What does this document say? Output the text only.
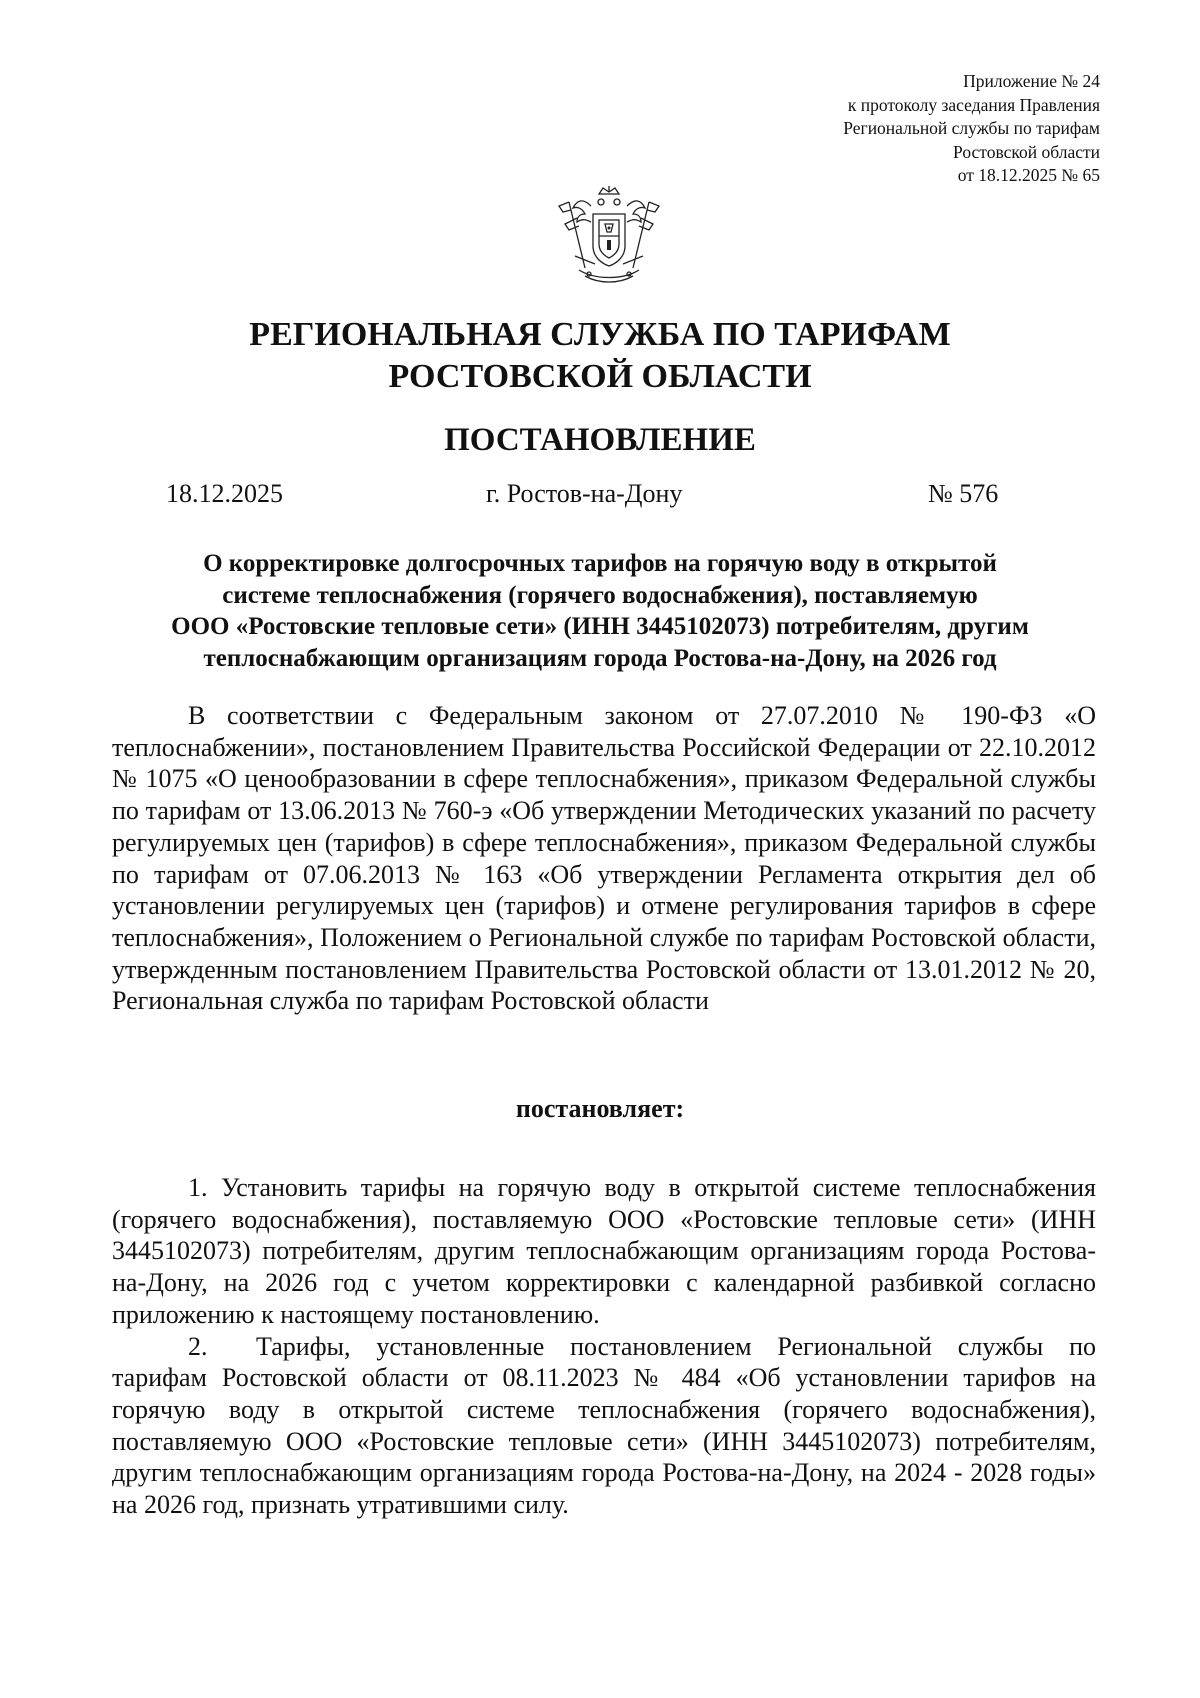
Приложение № 24
к протоколу заседания Правления
Региональной службы по тарифам
Ростовской области
от 18.12.2025 № 65
РЕГИОНАЛЬНАЯ СЛУЖБА ПО ТАРИФАМ
РОСТОВСКОЙ ОБЛАСТИ
ПОСТАНОВЛЕНИЕ
18.12.2025	г. Ростов-на-Дону	№ 576
О корректировке долгосрочных тарифов на горячую воду в открытой
системе теплоснабжения (горячего водоснабжения), поставляемую
ООО «Ростовские тепловые сети» (ИНН 3445102073) потребителям, другим
теплоснабжающим организациям города Ростова-на-Дону, на 2026 год

В соответствии с Федеральным законом от 27.07.2010 № 190-ФЗ «О теплоснабжении», постановлением Правительства Российской Федерации от 22.10.2012 № 1075 «О ценообразовании в сфере теплоснабжения», приказом Федеральной службы по тарифам от 13.06.2013 № 760-э «Об утверждении Методических указаний по расчету регулируемых цен (тарифов) в сфере теплоснабжения», приказом Федеральной службы по тарифам от 07.06.2013 № 163 «Об утверждении Регламента открытия дел об установлении регулируемых цен (тарифов) и отмене регулирования тарифов в сфере теплоснабжения», Положением о Региональной службе по тарифам Ростовской области, утвержденным постановлением Правительства Ростовской области от 13.01.2012 № 20, Региональная служба по тарифам Ростовской области

постановляет:

1. Установить тарифы на горячую воду в открытой системе теплоснабжения (горячего водоснабжения), поставляемую ООО «Ростовские тепловые сети» (ИНН 3445102073) потребителям, другим теплоснабжающим организациям города Ростова-на-Дону, на 2026 год с учетом корректировки с календарной разбивкой согласно приложению к настоящему постановлению.

2. Тарифы, установленные постановлением Региональной службы по тарифам Ростовской области от 08.11.2023 № 484 «Об установлении тарифов на горячую воду в открытой системе теплоснабжения (горячего водоснабжения), поставляемую ООО «Ростовские тепловые сети» (ИНН 3445102073) потребителям, другим теплоснабжающим организациям города Ростова-на-Дону, на 2024 - 2028 годы» на 2026 год, признать утратившими силу.
